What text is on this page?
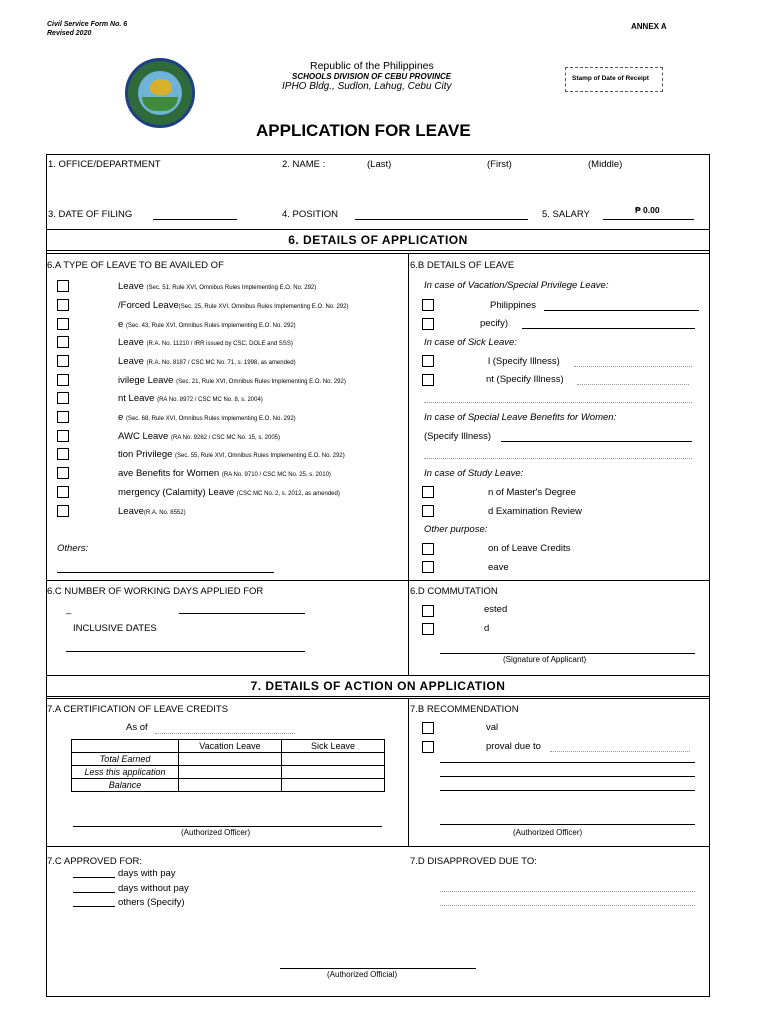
Civil Service Form No. 6
Revised 2020
ANNEX A
Republic of the Philippines
SCHOOLS DIVISION OF CEBU PROVINCE
IPHO Bldg., Sudlon, Lahug, Cebu City
Stamp of Date of Receipt
APPLICATION FOR LEAVE
1. OFFICE/DEPARTMENT	2. NAME :	(Last)	(First)	(Middle)
3. DATE OF FILING	4. POSITION	5. SALARY	₱ 0.00
6. DETAILS OF APPLICATION
6.A TYPE OF LEAVE TO BE AVAILED OF
Leave (Sec. 51, Rule XVI, Omnibus Rules Implementing E.O. No. 292)
/Forced Leave(Sec. 25, Rule XVI, Omnibus Rules Implementing E.O. No. 292)
e (Sec. 43, Rule XVI, Omnibus Rules Implementing E.O. No. 292)
Leave (R.A. No. 11210 / IRR issued by CSC, DOLE and SSS)
Leave (R.A. No. 8187 / CSC MC No. 71, s. 1998, as amended)
ivilege Leave (Sec. 21, Rule XVI, Omnibus Rules Implementing E.O. No. 292)
nt Leave (RA No. 8972 / CSC MC No. 8, s. 2004)
e (Sec. 68, Rule XVI, Omnibus Rules Implementing E.O. No. 292)
AWC Leave (RA No. 9262 / CSC MC No. 15, s. 2005)
tion Privilege (Sec. 55, Rule XVI, Omnibus Rules Implementing E.O. No. 292)
ave Benefits for Women (RA No. 9710 / CSC MC No. 25, s. 2010)
mergency (Calamity) Leave (CSC MC No. 2, s. 2012, as amended)
Leave(R.A. No. 8552)
Others:
6.B DETAILS OF LEAVE
In case of Vacation/Special Privilege Leave:
Philippines
pecify)
In case of Sick Leave:
l (Specify Illness)
nt (Specify Illness)
In case of Special Leave Benefits for Women:
(Specify Illness)
In case of Study Leave:
n of Master's Degree
d Examination Review
Other purpose:
on of Leave Credits
eave
6.C NUMBER OF WORKING DAYS APPLIED FOR
_
INCLUSIVE DATES
6.D COMMUTATION
ested
d
(Signature of Applicant)
7. DETAILS OF ACTION ON APPLICATION
7.A CERTIFICATION OF LEAVE CREDITS
As of
	Vacation Leave	Sick Leave
Total Earned		
Less this application		
Balance		
(Authorized Officer)
7.B RECOMMENDATION
val
proval due to
(Authorized Officer)
7.C APPROVED FOR:
days with pay
days without pay
others (Specify)
7.D DISAPPROVED DUE TO:
(Authorized Official)
